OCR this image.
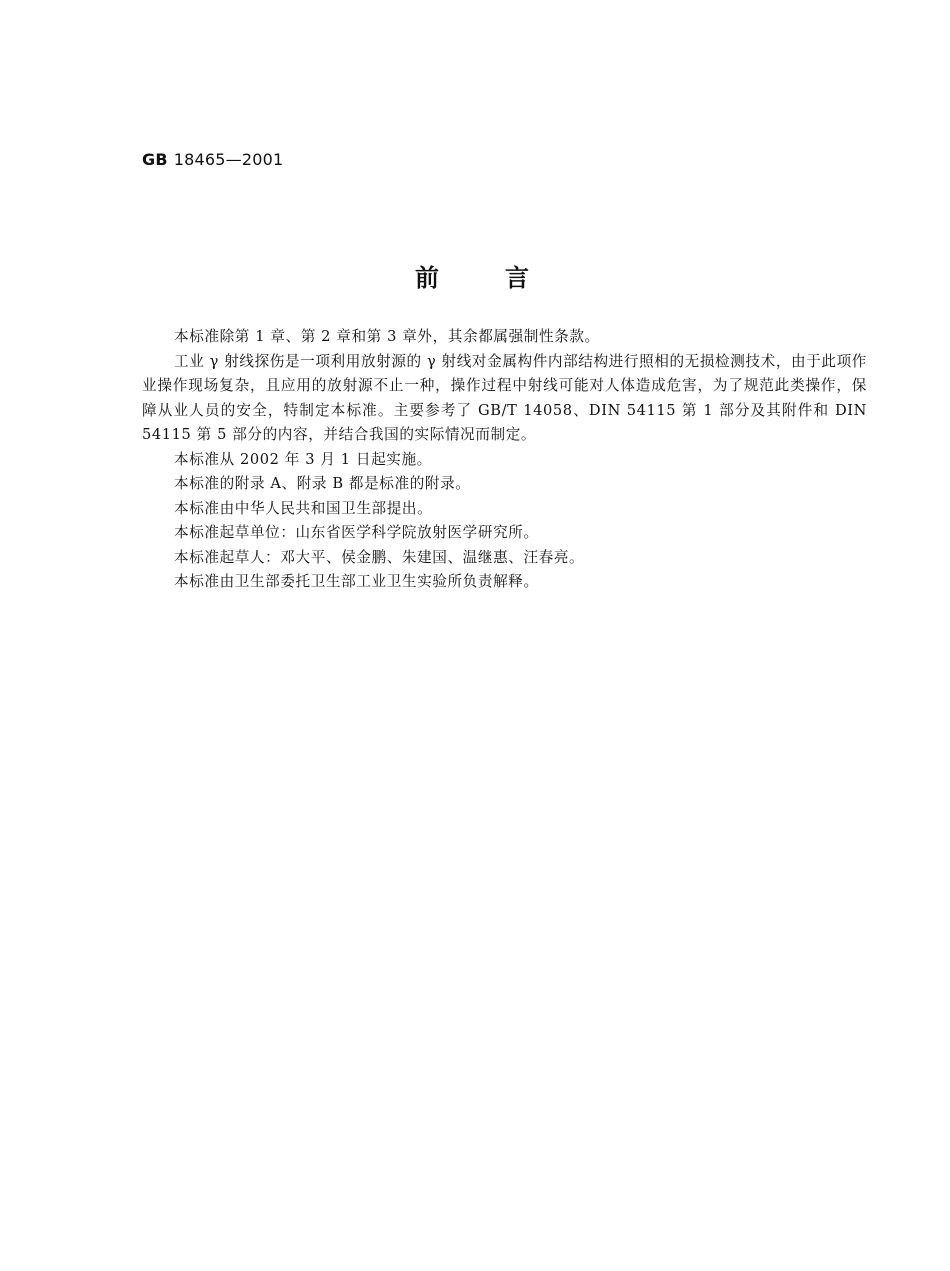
GB 18465—2001
前言

本标准除第 1 章、第 2 章和第 3 章外，其余都属强制性条款。

工业 γ 射线探伤是一项利用放射源的 γ 射线对金属构件内部结构进行照相的无损检测技术，由于此项作业操作现场复杂，且应用的放射源不止一种，操作过程中射线可能对人体造成危害，为了规范此类操作，保障从业人员的安全，特制定本标准。主要参考了 GB/T 14058、DIN 54115 第 1 部分及其附件和 DIN 54115 第 5 部分的内容，并结合我国的实际情况而制定。

本标准从 2002 年 3 月 1 日起实施。

本标准的附录 A、附录 B 都是标准的附录。

本标准由中华人民共和国卫生部提出。

本标准起草单位：山东省医学科学院放射医学研究所。

本标准起草人：邓大平、侯金鹏、朱建国、温继惠、汪春亮。

本标准由卫生部委托卫生部工业卫生实验所负责解释。
